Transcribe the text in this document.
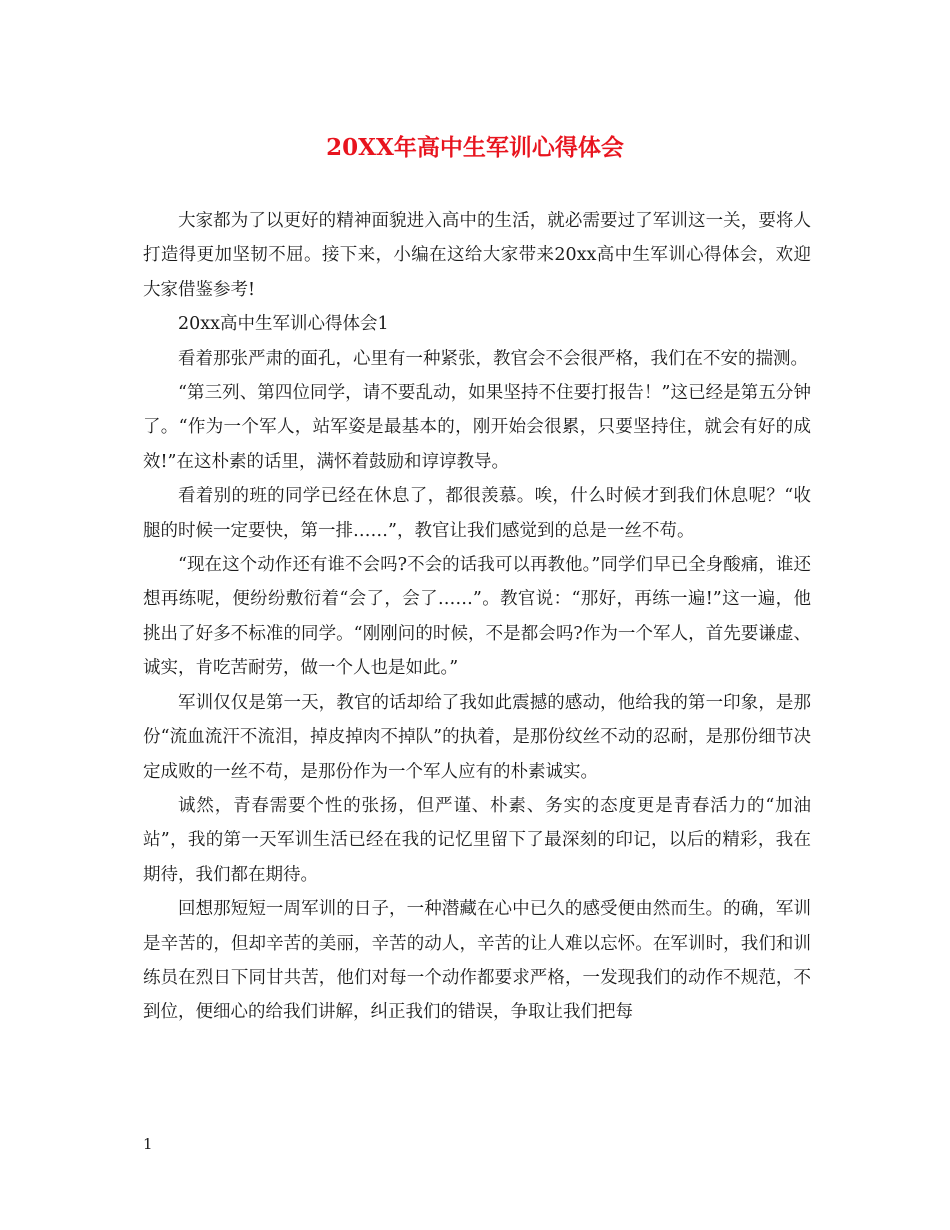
20XX年高中生军训心得体会

大家都为了以更好的精神面貌进入高中的生活，就必需要过了军训这一关，要将人打造得更加坚韧不屈。接下来，小编在这给大家带来20xx高中生军训心得体会，欢迎大家借鉴参考!

20xx高中生军训心得体会1

看着那张严肃的面孔，心里有一种紧张，教官会不会很严格，我们在不安的揣测。

“第三列、第四位同学，请不要乱动，如果坚持不住要打报告！”这已经是第五分钟了。“作为一个军人，站军姿是最基本的，刚开始会很累，只要坚持住，就会有好的成效!”在这朴素的话里，满怀着鼓励和谆谆教导。

看着别的班的同学已经在休息了，都很羡慕。唉，什么时候才到我们休息呢？“收腿的时候一定要快，第一排……”，教官让我们感觉到的总是一丝不苟。

“现在这个动作还有谁不会吗?不会的话我可以再教他。”同学们早已全身酸痛，谁还想再练呢，便纷纷敷衍着“会了，会了……”。教官说：“那好，再练一遍!”这一遍，他挑出了好多不标准的同学。“刚刚问的时候，不是都会吗?作为一个军人，首先要谦虚、诚实，肯吃苦耐劳，做一个人也是如此。”

军训仅仅是第一天，教官的话却给了我如此震撼的感动，他给我的第一印象，是那份“流血流汗不流泪，掉皮掉肉不掉队”的执着，是那份纹丝不动的忍耐，是那份细节决定成败的一丝不苟，是那份作为一个军人应有的朴素诚实。

诚然，青春需要个性的张扬，但严谨、朴素、务实的态度更是青春活力的“加油站”，我的第一天军训生活已经在我的记忆里留下了最深刻的印记，以后的精彩，我在期待，我们都在期待。

回想那短短一周军训的日子，一种潜藏在心中已久的感受便由然而生。的确，军训是辛苦的，但却辛苦的美丽，辛苦的动人，辛苦的让人难以忘怀。在军训时，我们和训练员在烈日下同甘共苦，他们对每一个动作都要求严格，一发现我们的动作不规范，不到位，便细心的给我们讲解，纠正我们的错误，争取让我们把每

1
